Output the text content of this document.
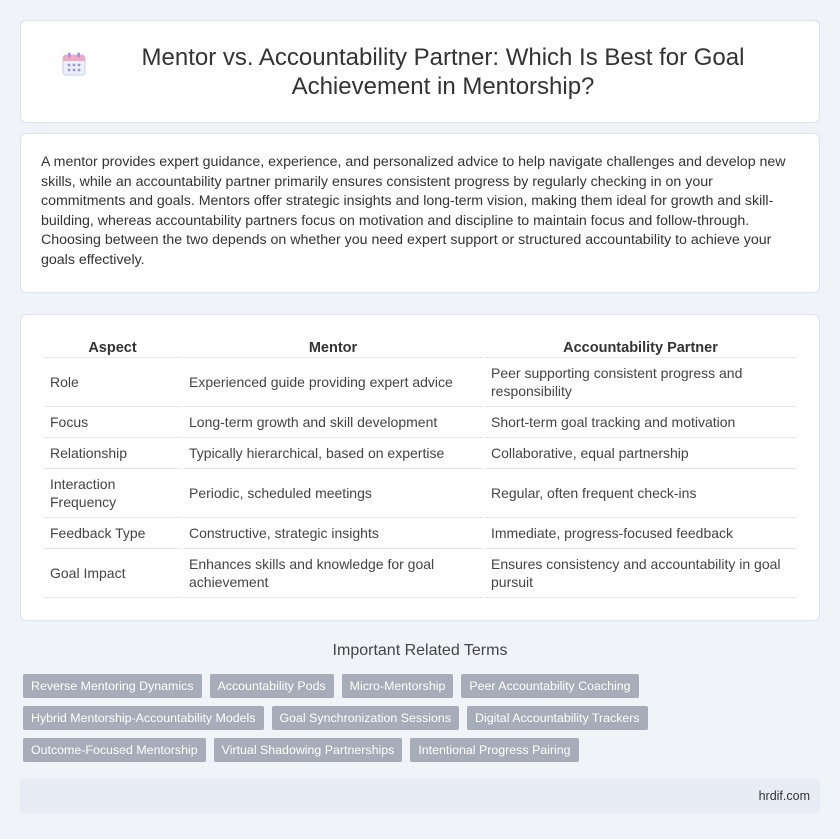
Mentor vs. Accountability Partner: Which Is Best for Goal Achievement in Mentorship?

A mentor provides expert guidance, experience, and personalized advice to help navigate challenges and develop new skills, while an accountability partner primarily ensures consistent progress by regularly checking in on your commitments and goals. Mentors offer strategic insights and long-term vision, making them ideal for growth and skill-building, whereas accountability partners focus on motivation and discipline to maintain focus and follow-through. Choosing between the two depends on whether you need expert support or structured accountability to achieve your goals effectively.

Aspect	Mentor	Accountability Partner
Role	Experienced guide providing expert advice	Peer supporting consistent progress and responsibility
Focus	Long-term growth and skill development	Short-term goal tracking and motivation
Relationship	Typically hierarchical, based on expertise	Collaborative, equal partnership
Interaction Frequency	Periodic, scheduled meetings	Regular, often frequent check-ins
Feedback Type	Constructive, strategic insights	Immediate, progress-focused feedback
Goal Impact	Enhances skills and knowledge for goal achievement	Ensures consistency and accountability in goal pursuit
Important Related Terms
Reverse Mentoring Dynamics	Accountability Pods	Micro-Mentorship	Peer Accountability Coaching
Hybrid Mentorship-Accountability Models	Goal Synchronization Sessions	Digital Accountability Trackers
Outcome-Focused Mentorship	Virtual Shadowing Partnerships	Intentional Progress Pairing
hrdif.com
